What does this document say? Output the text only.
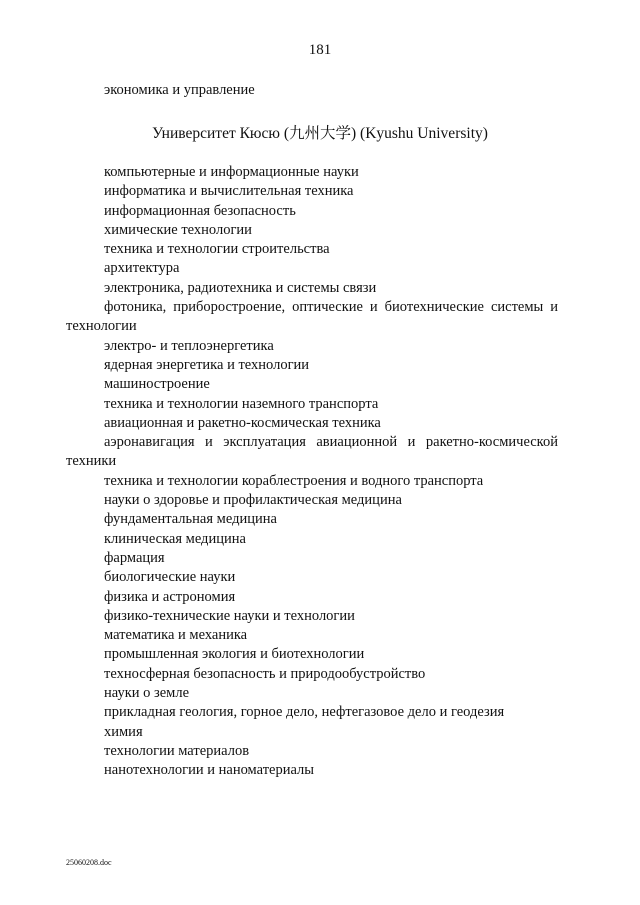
181
экономика и управление
Университет Кюсю (九州大学) (Kyushu University)
компьютерные и информационные науки
информатика и вычислительная техника
информационная безопасность
химические технологии
техника и технологии строительства
архитектура
электроника, радиотехника и системы связи
фотоника, приборостроение, оптические и биотехнические системы и технологии
электро- и теплоэнергетика
ядерная энергетика и технологии
машиностроение
техника и технологии наземного транспорта
авиационная и ракетно-космическая техника
аэронавигация и эксплуатация авиационной и ракетно-космической техники
техника и технологии кораблестроения и водного транспорта
науки о здоровье и профилактическая медицина
фундаментальная медицина
клиническая медицина
фармация
биологические науки
физика и астрономия
физико-технические науки и технологии
математика и механика
промышленная экология и биотехнологии
техносферная безопасность и природообустройство
науки о земле
прикладная геология, горное дело, нефтегазовое дело и геодезия
химия
технологии материалов
нанотехнологии и наноматериалы
25060208.doc
